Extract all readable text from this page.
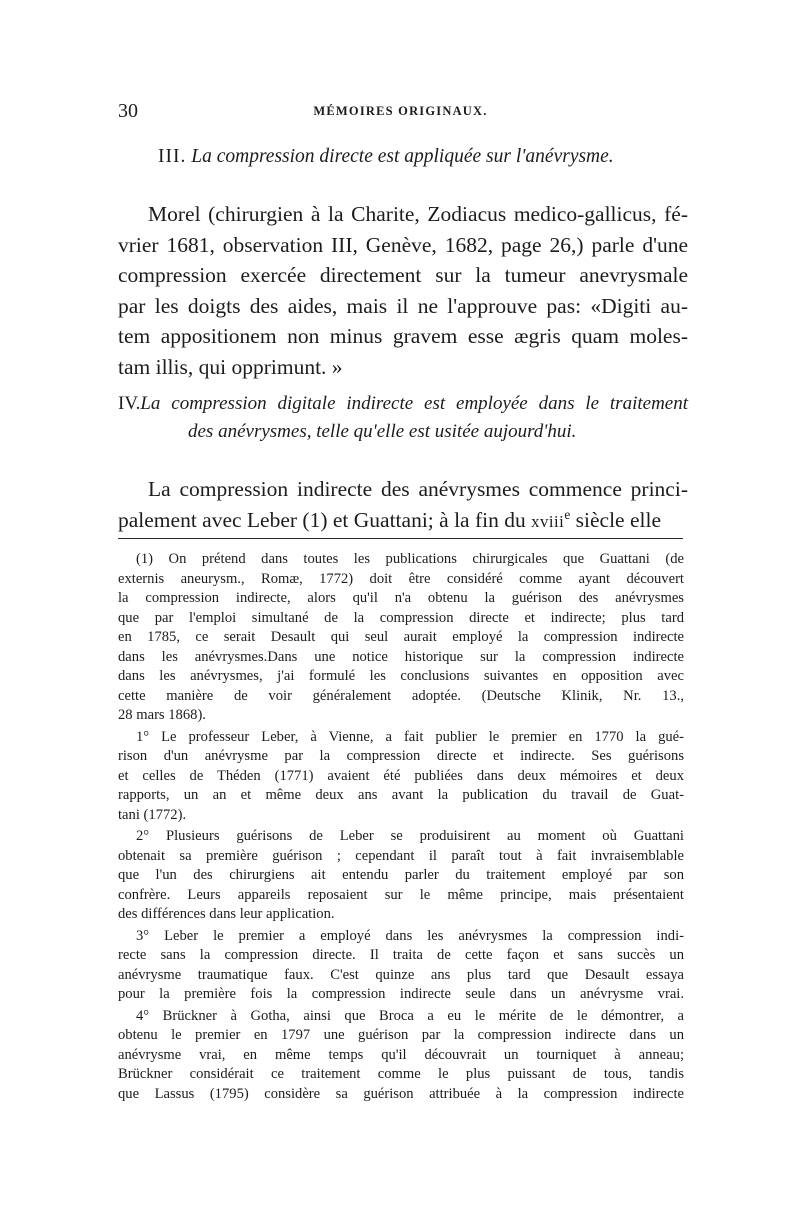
30	MÉMOIRES ORIGINAUX.
III. La compression directe est appliquée sur l'anévrysme.
Morel (chirurgien à la Charite, Zodiacus medico-gallicus, fé-
vrier 1681, observation III, Genève, 1682, page 26,) parle d'une
compression exercée directement sur la tumeur anevrysmale
par les doigts des aides, mais il ne l'approuve pas: «Digiti au-
tem appositionem non minus gravem esse ægris quam moles-
tam illis, qui opprimunt. »
IV.La compression digitale indirecte est employée dans le traitement
des anévrysmes, telle qu'elle est usitée aujourd'hui.
La compression indirecte des anévrysmes commence princi-
palement avec Leber (1) et Guattani; à la fin du xviii$^e$ siècle elle

(1) On prétend dans toutes les publications chirurgicales que Guattani (de
externis aneurysm., Romæ, 1772) doit être considéré comme ayant découvert
la compression indirecte, alors qu'il n'a obtenu la guérison des anévrysmes
que par l'emploi simultané de la compression directe et indirecte; plus tard
en 1785, ce serait Desault qui seul aurait employé la compression indirecte
dans les anévrysmes.Dans une notice historique sur la compression indirecte
dans les anévrysmes, j'ai formulé les conclusions suivantes en opposition avec
cette manière de voir généralement adoptée. (Deutsche Klinik, Nr. 13.,
28 mars 1868).

1° Le professeur Leber, à Vienne, a fait publier le premier en 1770 la gué-
rison d'un anévrysme par la compression directe et indirecte. Ses guérisons
et celles de Théden (1771) avaient été publiées dans deux mémoires et deux
rapports, un an et même deux ans avant la publication du travail de Guat-
tani (1772).

2° Plusieurs guérisons de Leber se produisirent au moment où Guattani
obtenait sa première guérison ; cependant il paraît tout à fait invraisemblable
que l'un des chirurgiens ait entendu parler du traitement employé par son
confrère. Leurs appareils reposaient sur le même principe, mais présentaient
des différences dans leur application.

3° Leber le premier a employé dans les anévrysmes la compression indi-
recte sans la compression directe. Il traita de cette façon et sans succès un
anévrysme traumatique faux. C'est quinze ans plus tard que Desault essaya
pour la première fois la compression indirecte seule dans un anévrysme vrai.

4° Brückner à Gotha, ainsi que Broca a eu le mérite de le démontrer, a
obtenu le premier en 1797 une guérison par la compression indirecte dans un
anévrysme vrai, en même temps qu'il découvrait un tourniquet à anneau;
Brückner considérait ce traitement comme le plus puissant de tous, tandis
que Lassus (1795) considère sa guérison attribuée à la compression indirecte
